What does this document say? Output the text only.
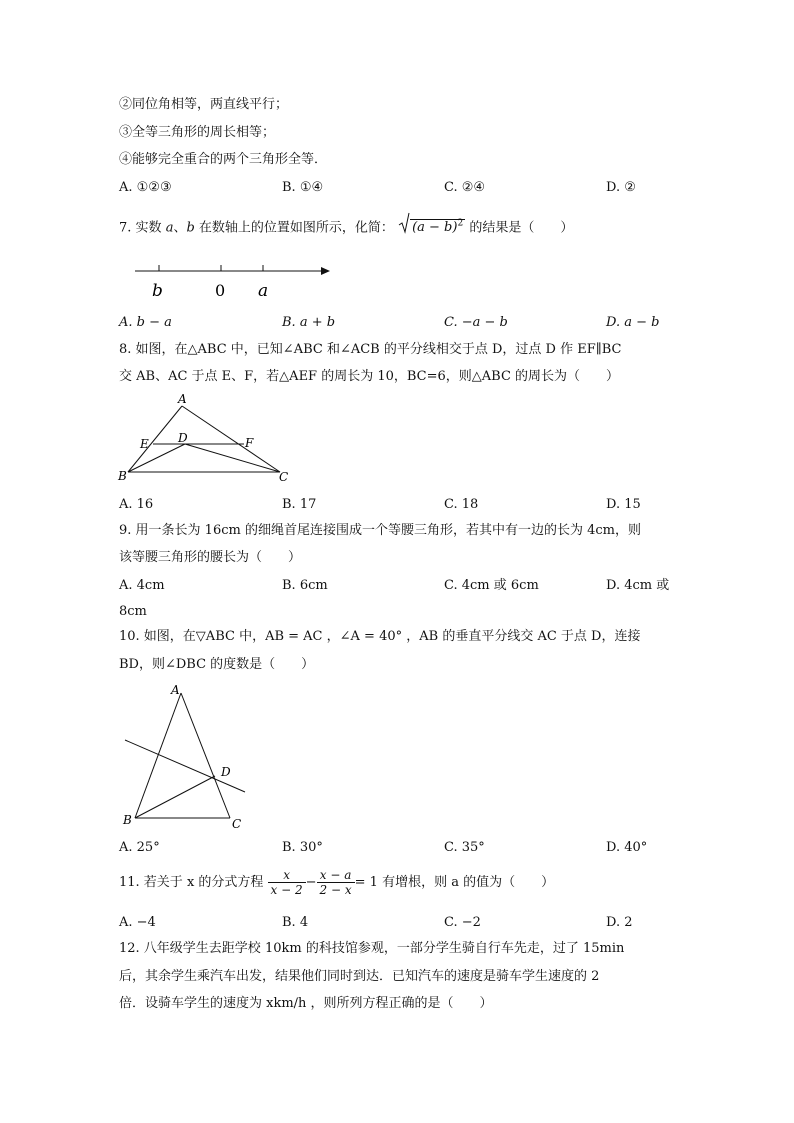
②同位角相等，两直线平行；
③全等三角形的周长相等；
④能够完全重合的两个三角形全等．
A. ①②③	B. ①④	C. ②④	D. ②
7. 实数 a、b 在数轴上的位置如图所示，化简： $(a - b)^2$ 的结果是（　　）
b	0 a
A. b − a	B. a + b	C. −a − b	D. a − b
8. 如图，在△ABC 中，已知∠ABC 和∠ACB 的平分线相交于点 D，过点 D 作 EF∥BC
交 AB、AC 于点 E、F，若△AEF 的周长为 10，BC=6，则△ABC 的周长为（　　）
A
B	C
D
E	F
A. 16	B. 17	C. 18	D. 15
9. 用一条长为 16cm 的细绳首尾连接围成一个等腰三角形，若其中有一边的长为 4cm，则
该等腰三角形的腰长为（　　）
A. 4cm	B. 6cm	C. 4cm 或 6cm	D. 4cm 或
8cm
10. 如图，在▽ABC 中，AB = AC ，∠A = 40° ，AB 的垂直平分线交 AC 于点 D，连接
BD，则∠DBC 的度数是（　　）
A
B	C
D
A. 25°	B. 30°	C. 35°	D. 40°
11. 若关于 x 的分式方程 $\frac{x}{x - 2} - \frac{x - a}{2 - x} = 1$ 有增根，则 a 的值为（　　）
A. −4	B. 4	C. −2	D. 2
12. 八年级学生去距学校 10km 的科技馆参观，一部分学生骑自行车先走，过了 15min
后，其余学生乘汽车出发，结果他们同时到达．已知汽车的速度是骑车学生速度的 2
倍．设骑车学生的速度为 xkm/h ，则所列方程正确的是（　　）
